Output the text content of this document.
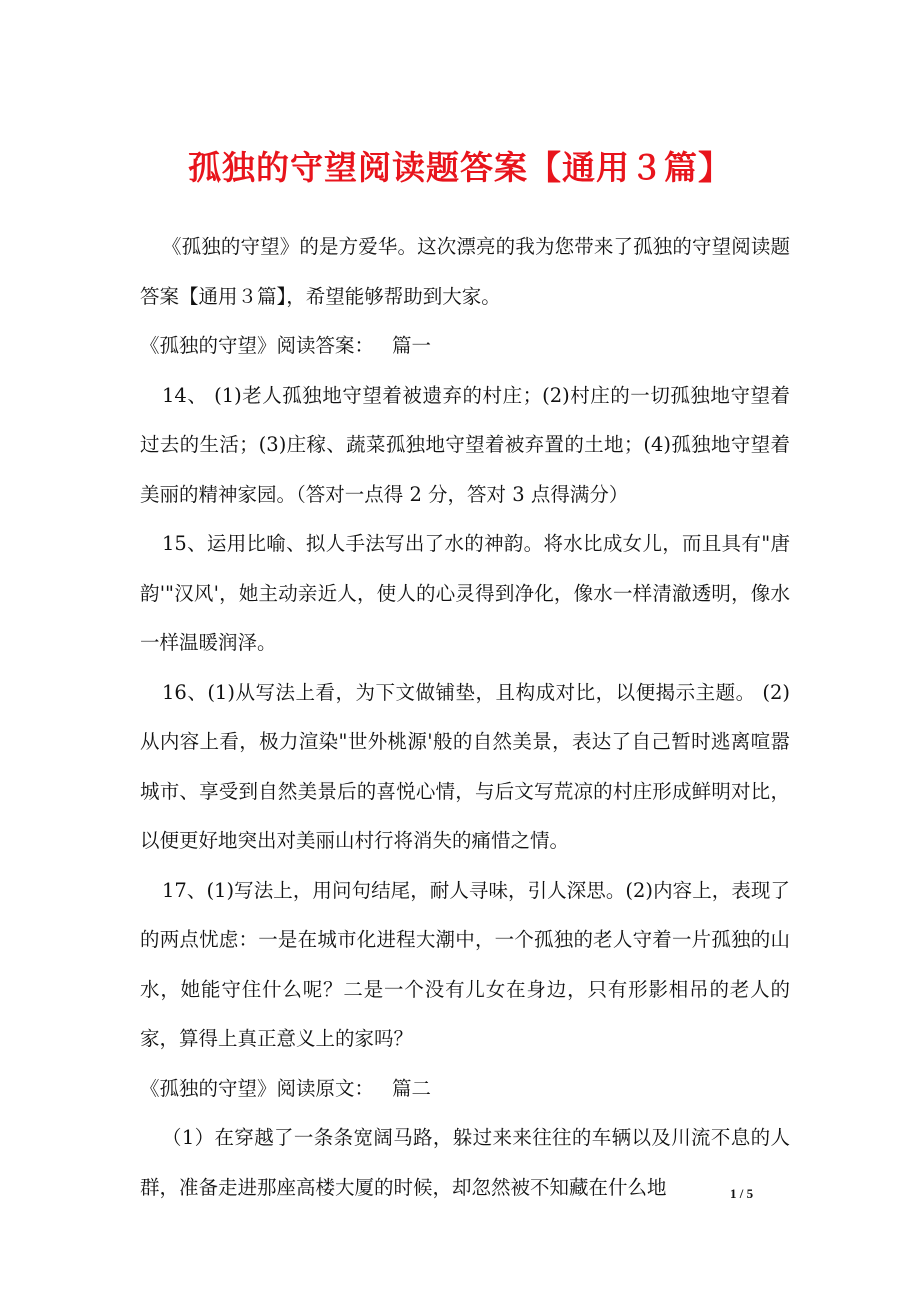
孤独的守望阅读题答案【通用３篇】

《孤独的守望》的是方爱华。这次漂亮的我为您带来了孤独的守望阅读题答案【通用３篇】，希望能够帮助到大家。

《孤独的守望》阅读答案： 篇一

14、 (1)老人孤独地守望着被遗弃的村庄；(2)村庄的一切孤独地守望着过去的生活；(3)庄稼、蔬菜孤独地守望着被弃置的土地；(4)孤独地守望着美丽的精神家园。（答对一点得 2 分，答对 3 点得满分）

15、运用比喻、拟人手法写出了水的神韵。将水比成女儿，而且具有"唐韵'"汉风'，她主动亲近人，使人的心灵得到净化，像水一样清澈透明，像水一样温暖润泽。

16、(1)从写法上看，为下文做铺垫，且构成对比，以便揭示主题。 (2)从内容上看，极力渲染"世外桃源'般的自然美景，表达了自己暂时逃离喧嚣城市、享受到自然美景后的喜悦心情，与后文写荒凉的村庄形成鲜明对比，以便更好地突出对美丽山村行将消失的痛惜之情。

17、(1)写法上，用问句结尾，耐人寻味，引人深思。(2)内容上，表现了的两点忧虑：一是在城市化进程大潮中，一个孤独的老人守着一片孤独的山水，她能守住什么呢？二是一个没有儿女在身边，只有形影相吊的老人的家，算得上真正意义上的家吗？

《孤独的守望》阅读原文： 篇二

（1）在穿越了一条条宽阔马路，躲过来来往往的车辆以及川流不息的人群，准备走进那座高楼大厦的时候，却忽然被不知藏在什么地	1 / 5
